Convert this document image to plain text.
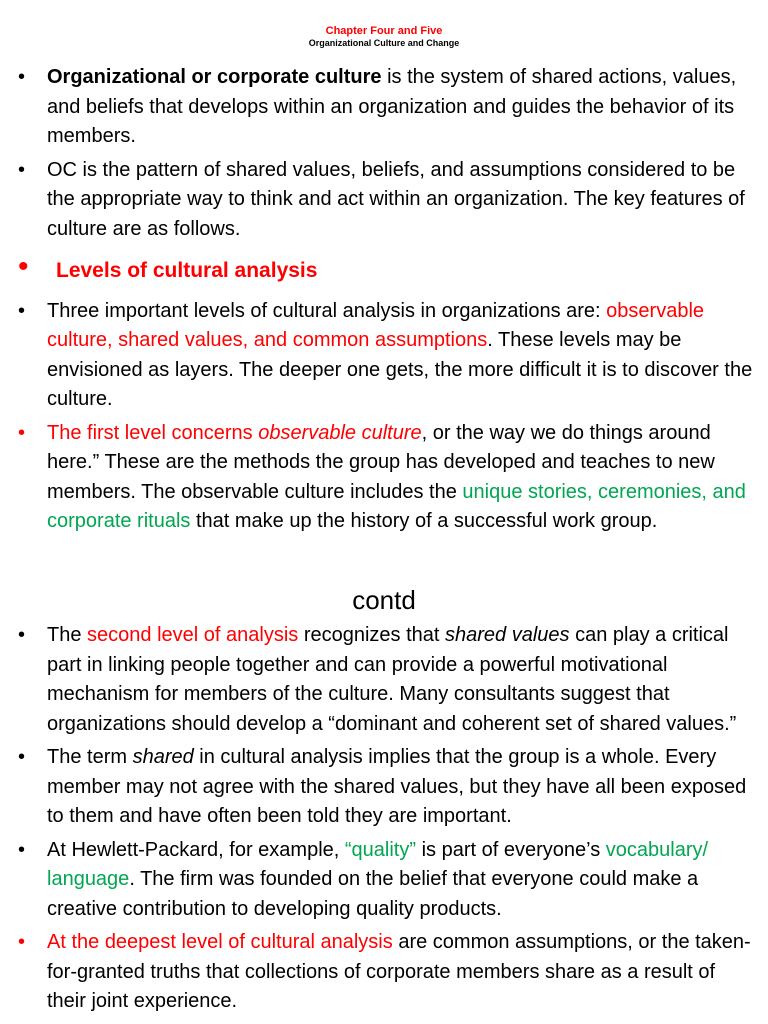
Chapter Four and Five
Organizational Culture and Change
• Organizational or corporate culture is the system of shared actions, values, and beliefs that develops within an organization and guides the behavior of its members.
• OC is the pattern of shared values, beliefs, and assumptions considered to be the appropriate way to think and act within an organization. The key features of culture are as follows.
• Levels of cultural analysis
• Three important levels of cultural analysis in organizations are: observable culture, shared values, and common assumptions. These levels may be envisioned as layers. The deeper one gets, the more difficult it is to discover the culture.
• The first level concerns observable culture, or the way we do things around here.” These are the methods the group has developed and teaches to new members. The observable culture includes the unique stories, ceremonies, and corporate rituals that make up the history of a successful work group.
contd
• The second level of analysis recognizes that shared values can play a critical part in linking people together and can provide a powerful motivational mechanism for members of the culture. Many consultants suggest that organizations should develop a “dominant and coherent set of shared values.”
• The term shared in cultural analysis implies that the group is a whole. Every member may not agree with the shared values, but they have all been exposed to them and have often been told they are important.
• At Hewlett-Packard, for example, “quality” is part of everyone’s vocabulary/ language. The firm was founded on the belief that everyone could make a creative contribution to developing quality products.
• At the deepest level of cultural analysis are common assumptions, or the taken-for-granted truths that collections of corporate members share as a result of their joint experience.
